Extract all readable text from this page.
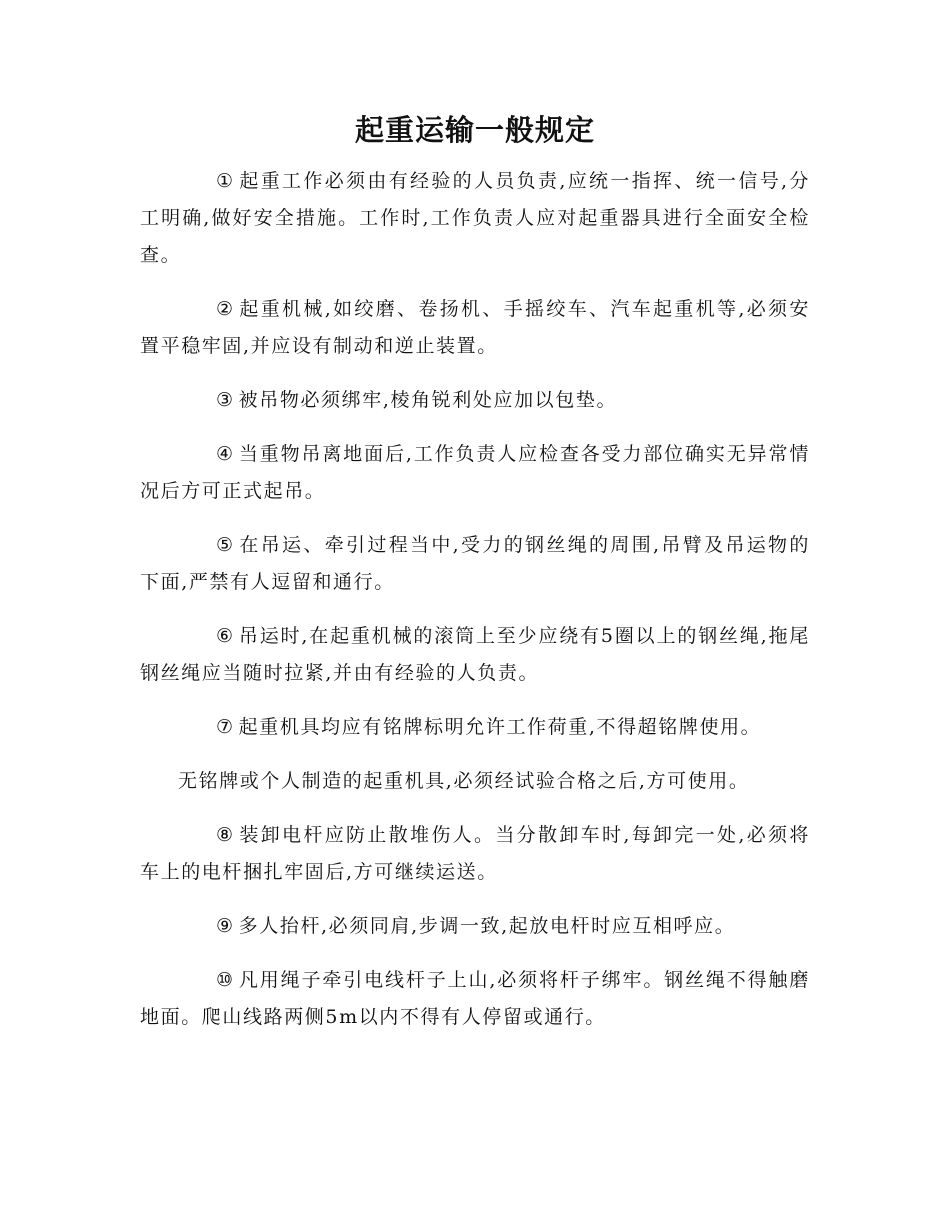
起重运输一般规定

① 起重工作必须由有经验的人员负责,应统一指挥、统一信号,分工明确,做好安全措施。工作时,工作负责人应对起重器具进行全面安全检查。

② 起重机械,如绞磨、卷扬机、手摇绞车、汽车起重机等,必须安置平稳牢固,并应设有制动和逆止装置。

③ 被吊物必须绑牢,棱角锐利处应加以包垫。

④ 当重物吊离地面后,工作负责人应检查各受力部位确实无异常情况后方可正式起吊。

⑤ 在吊运、牵引过程当中,受力的钢丝绳的周围,吊臂及吊运物的下面,严禁有人逗留和通行。

⑥ 吊运时,在起重机械的滚筒上至少应绕有5圈以上的钢丝绳,拖尾钢丝绳应当随时拉紧,并由有经验的人负责。

⑦ 起重机具均应有铭牌标明允许工作荷重,不得超铭牌使用。

无铭牌或个人制造的起重机具,必须经试验合格之后,方可使用。

⑧ 装卸电杆应防止散堆伤人。当分散卸车时,每卸完一处,必须将车上的电杆捆扎牢固后,方可继续运送。

⑨ 多人抬杆,必须同肩,步调一致,起放电杆时应互相呼应。

⑩ 凡用绳子牵引电线杆子上山,必须将杆子绑牢。钢丝绳不得触磨地面。爬山线路两侧5m以内不得有人停留或通行。
